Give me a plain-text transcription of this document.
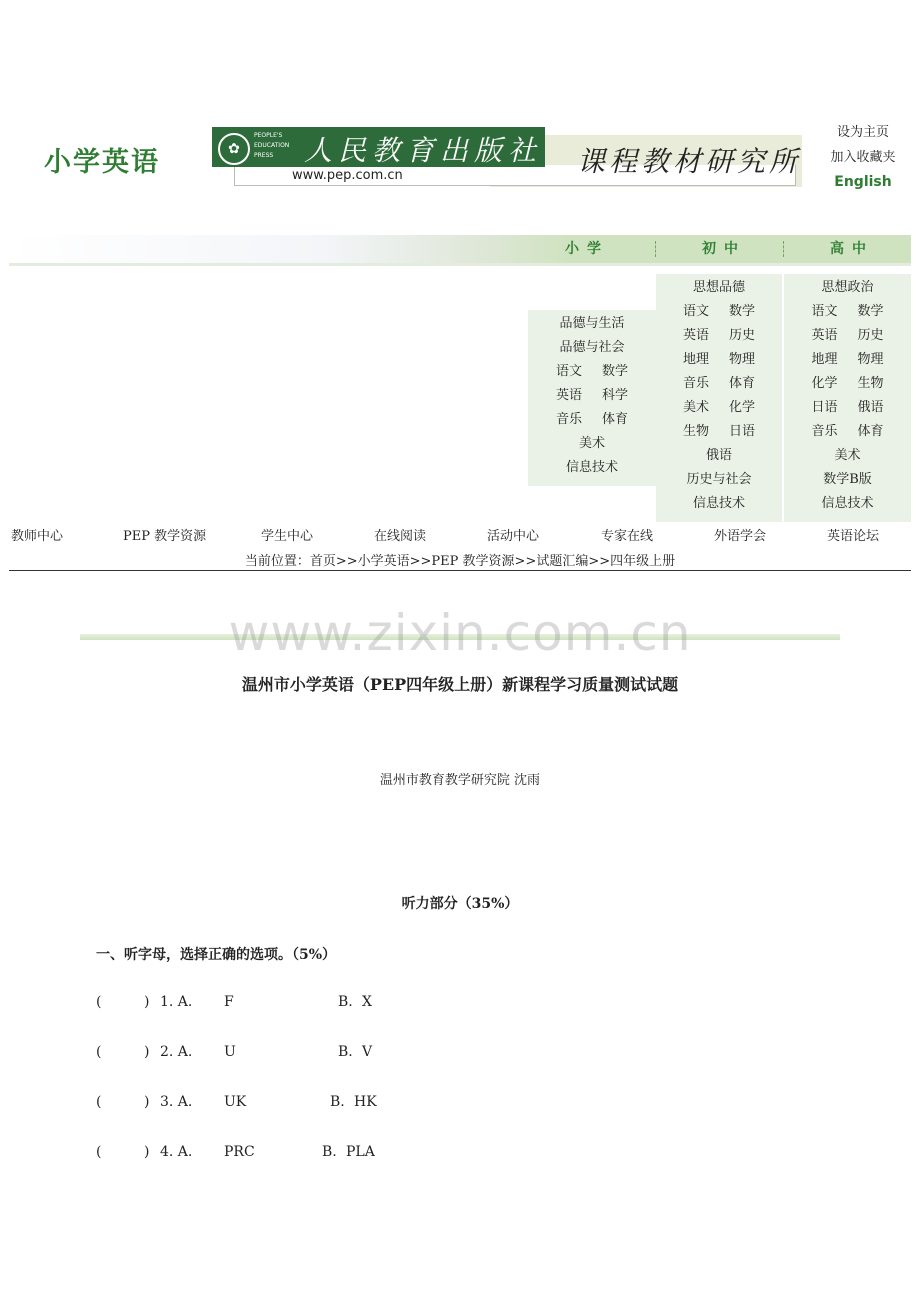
小学英语	✿
PEOPLE'S EDUCATION PRESS	人民教育出版社 课程教材研究所
www.pep.com.cn
设为主页
加入收藏夹
English
小学	初中	高中
品德与生活
品德与社会
语文 数学
英语 科学
音乐 体育
美术
信息技术
思想品德
语文 数学
英语 历史
地理 物理
音乐 体育
美术 化学
生物 日语
俄语
历史与社会
信息技术
思想政治
语文 数学
英语 历史
地理 物理
化学 生物
日语 俄语
音乐 体育
美术
数学B版
信息技术
教师中心	PEP 教学资源	学生中心	在线阅读	活动中心	专家在线	外语学会	英语论坛
当前位置：首页>>小学英语>>PEP 教学资源>>试题汇编>>四年级上册
www.zixin.com.cn
温州市小学英语（PEP四年级上册）新课程学习质量测试试题
温州市教育教学研究院 沈雨
听力部分（35%）
一、听字母，选择正确的选项。（5%）
(	) 1. A. F	B. X
(	) 2. A. U	B. V
(	) 3. A. UK	B. HK
(	) 4. A. PRC	B. PLA
